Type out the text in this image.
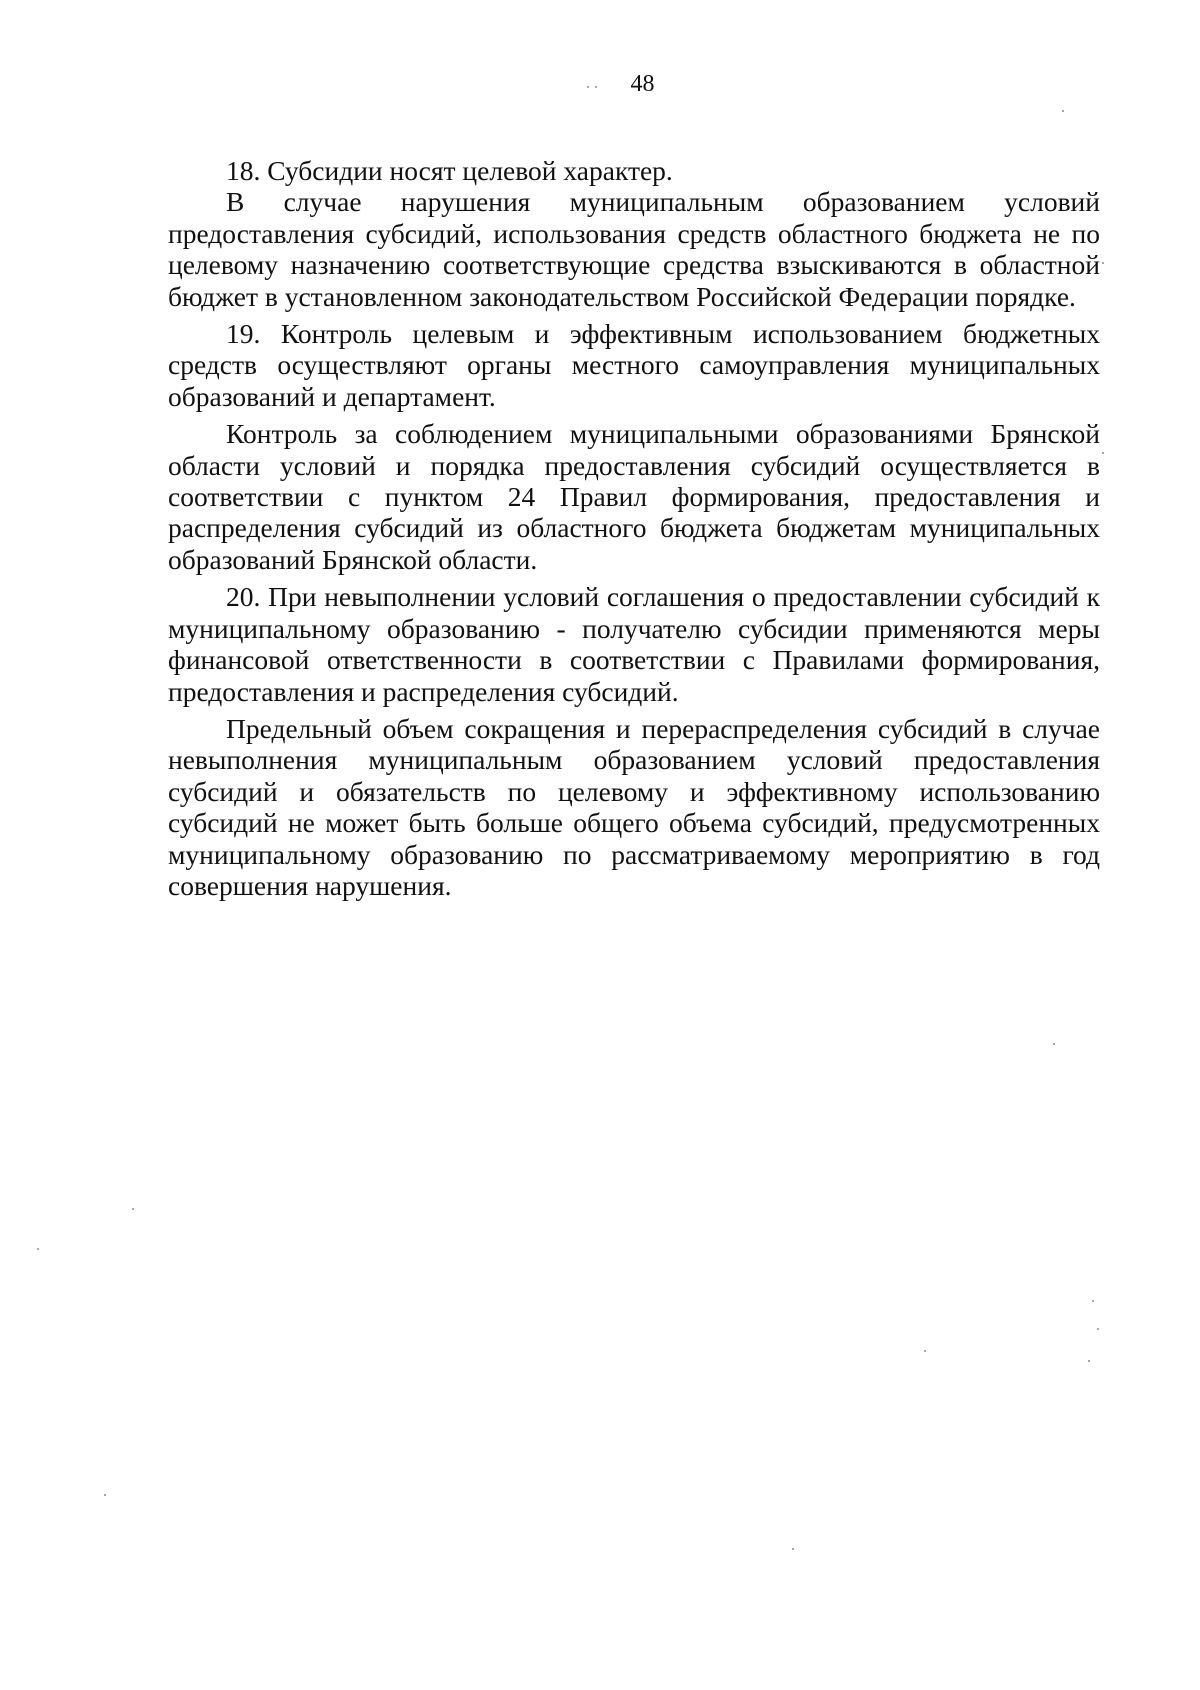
48

18. Субсидии носят целевой характер.

В случае нарушения муниципальным образованием условий предоставления субсидий, использования средств областного бюджета не по целевому назначению соответствующие средства взыскиваются в областной бюджет в установленном законодательством Российской Федерации порядке.

19. Контроль целевым и эффективным использованием бюджетных средств осуществляют органы местного самоуправления муниципальных образований и департамент.

Контроль за соблюдением муниципальными образованиями Брянской области условий и порядка предоставления субсидий осуществляется в соответствии с пунктом 24 Правил формирования, предоставления и распределения субсидий из областного бюджета бюджетам муниципальных образований Брянской области.

20. При невыполнении условий соглашения о предоставлении субсидий к муниципальному образованию - получателю субсидии применяются меры финансовой ответственности в соответствии с Правилами формирования, предоставления и распределения субсидий.

Предельный объем сокращения и перераспределения субсидий в случае невыполнения муниципальным образованием условий предоставления субсидий и обязательств по целевому и эффективному использованию субсидий не может быть больше общего объема субсидий, предусмотренных муниципальному образованию по рассматриваемому мероприятию в год совершения нарушения.
